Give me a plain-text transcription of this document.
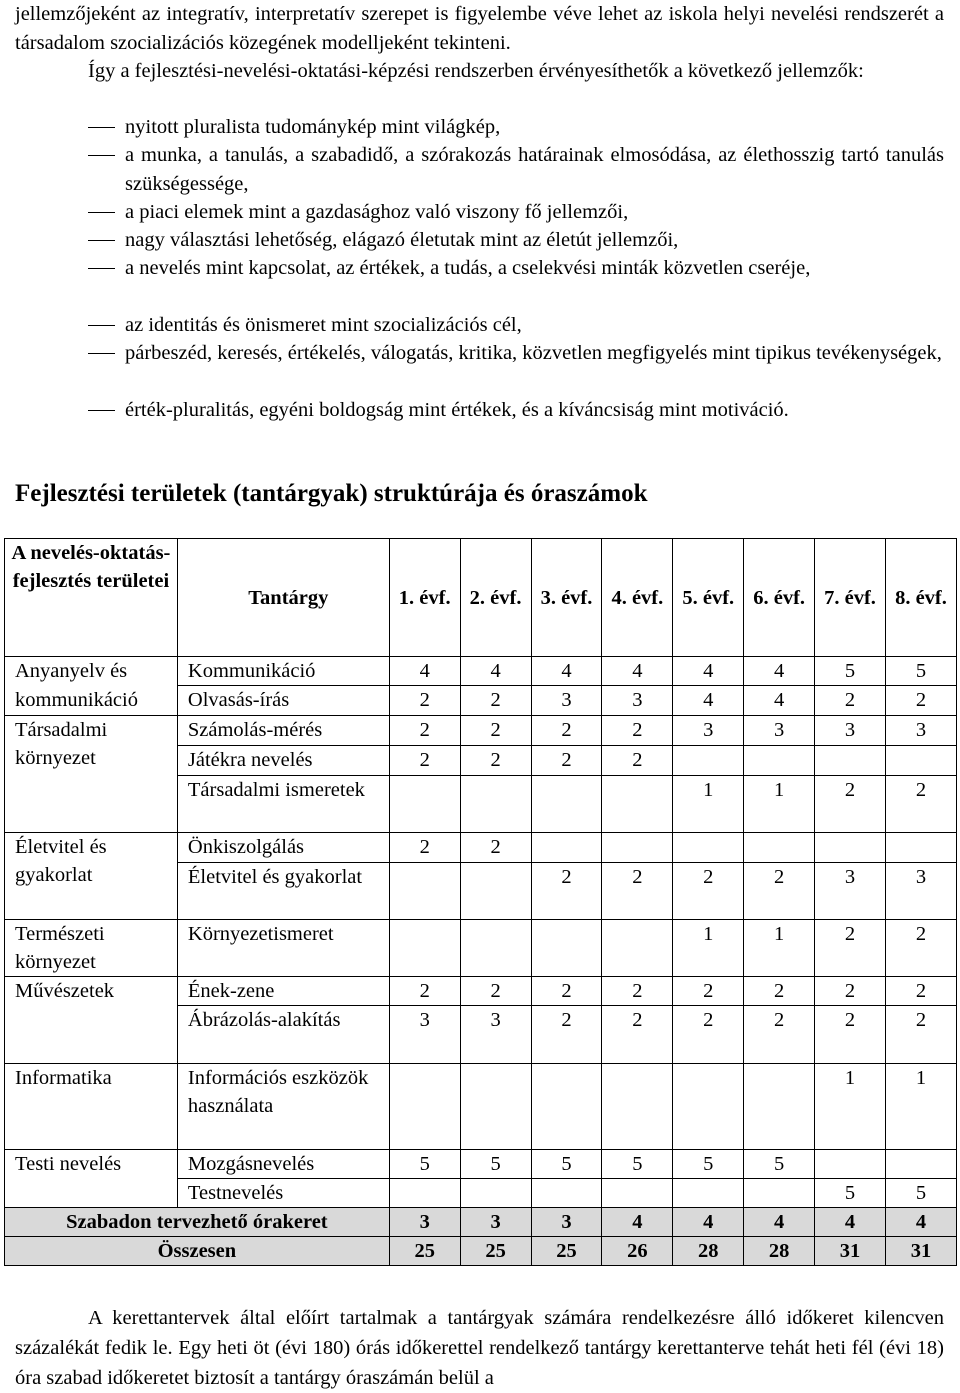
jellemzőjeként az integratív, interpretatív szerepet is figyelembe véve lehet az iskola helyi nevelési rendszerét a társadalom szocializációs közegének modelljeként tekinteni.

Így a fejlesztési-nevelési-oktatási-képzési rendszerben érvényesíthetők a következő jellemzők:

nyitott pluralista tudománykép mint világkép,
a munka, a tanulás, a szabadidő, a szórakozás határainak elmosódása, az élethosszig tartó tanulás szükségessége,
a piaci elemek mint a gazdasághoz való viszony fő jellemzői,
nagy választási lehetőség, elágazó életutak mint az életút jellemzői,
a nevelés mint kapcsolat, az értékek, a tudás, a cselekvési minták közvetlen cseréje,
az identitás és önismeret mint szocializációs cél,
párbeszéd, keresés, értékelés, válogatás, kritika, közvetlen megfigyelés mint tipikus tevékenységek,
érték-pluralitás, egyéni boldogság mint értékek, és a kíváncsiság mint motiváció.
Fejlesztési területek (tantárgyak) struktúrája és óraszámok
A nevelés-oktatás-fejlesztés területei	Tantárgy	1. évf.	2. évf.	3. évf.	4. évf.	5. évf.	6. évf.	7. évf.	8. évf.
Anyanyelv és	Kommunikáció	4	4	4	4	4	4	5	5
kommunikáció	Olvasás-írás	2	2	3	3	4	4	2	2
Társadalmi környezet	Számolás-mérés	2	2	2	2	3	3	3	3
	Játékra nevelés	2	2	2	2				
	Társadalmi ismeretek					1	1	2	2
Életvitel és gyakorlat	Önkiszolgálás	2	2						
	Életvitel és gyakorlat			2	2	2	2	3	3
Természeti környezet	Környezetismeret					1	1	2	2
Művészetek	Ének-zene	2	2	2	2	2	2	2	2
	Ábrázolás-alakítás	3	3	2	2	2	2	2	2
Informatika	Információs eszközök használata							1	1
Testi nevelés	Mozgásnevelés	5	5	5	5	5	5		
	Testnevelés							5	5
Szabadon tervezhető órakeret		3	3	3	4	4	4	4	4
Összesen		25	25	25	26	28	28	31	31

A kerettantervek által előírt tartalmak a tantárgyak számára rendelkezésre álló időkeret kilencven százalékát fedik le. Egy heti öt (évi 180) órás időkerettel rendelkező tantárgy kerettanterve tehát heti fél (évi 18) óra szabad időkeretet biztosít a tantárgy óraszámán belül a
